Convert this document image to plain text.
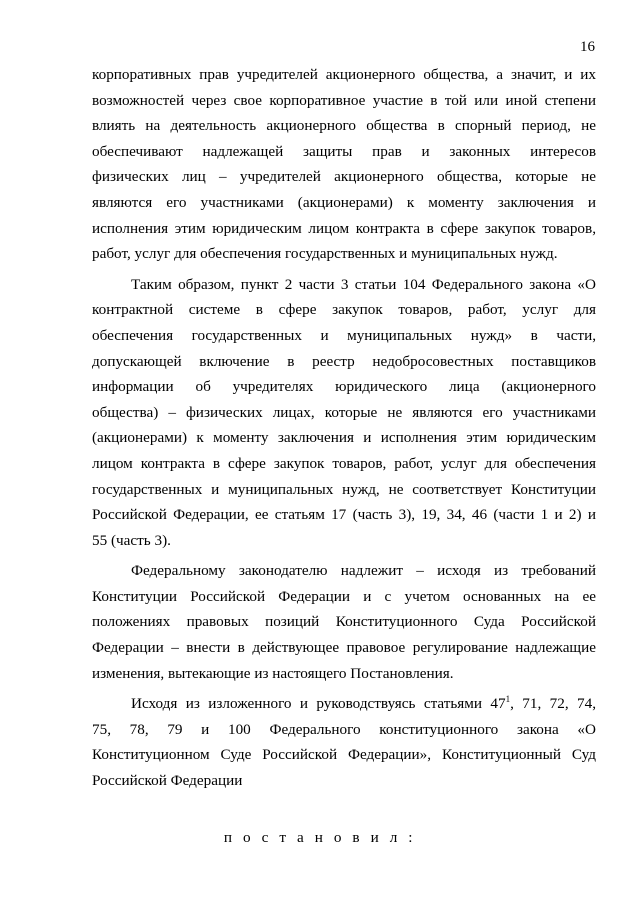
16

корпоративных прав учредителей акционерного общества, а значит, и их
возможностей через свое корпоративное участие в той или иной степени
влиять на деятельность акционерного общества в спорный период, не
обеспечивают надлежащей защиты прав и законных интересов
физических лиц – учредителей акционерного общества, которые не
являются его участниками (акционерами) к моменту заключения и
исполнения этим юридическим лицом контракта в сфере закупок товаров,
работ, услуг для обеспечения государственных и муниципальных нужд.

Таким образом, пункт 2 части 3 статьи 104 Федерального закона «О
контрактной системе в сфере закупок товаров, работ, услуг для
обеспечения государственных и муниципальных нужд» в части,
допускающей включение в реестр недобросовестных поставщиков
информации об учредителях юридического лица (акционерного
общества) – физических лицах, которые не являются его участниками
(акционерами) к моменту заключения и исполнения этим юридическим
лицом контракта в сфере закупок товаров, работ, услуг для обеспечения
государственных и муниципальных нужд, не соответствует Конституции
Российской Федерации, ее статьям 17 (часть 3), 19, 34, 46 (части 1 и 2) и
55 (часть 3).

Федеральному законодателю надлежит – исходя из требований
Конституции Российской Федерации и с учетом основанных на ее
положениях правовых позиций Конституционного Суда Российской
Федерации – внести в действующее правовое регулирование надлежащие
изменения, вытекающие из настоящего Постановления.

Исходя из изложенного и руководствуясь статьями $47^1$, 71, 72, 74,
75, 78, 79 и 100 Федерального конституционного закона «О
Конституционном Суде Российской Федерации», Конституционный Суд
Российской Федерации

п о с т а н о в и л :
